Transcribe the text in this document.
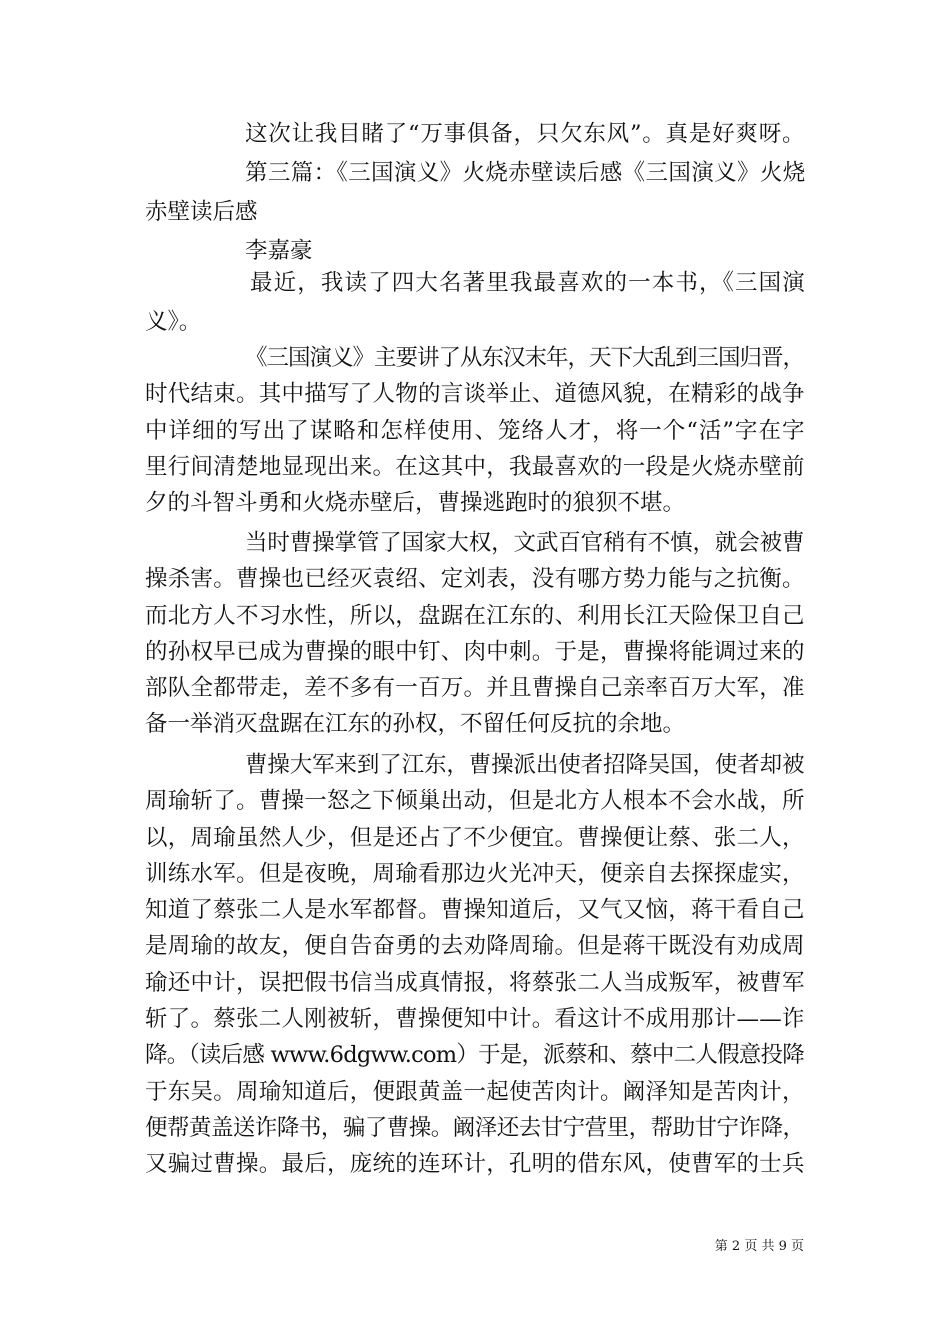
这次让我目睹了“万事俱备，只欠东风”。真是好爽呀。
第三篇：《三国演义》火烧赤壁读后感《三国演义》火烧
赤壁读后感
李嘉豪
最近，我读了四大名著里我最喜欢的一本书，《三国演
义》。
《三国演义》主要讲了从东汉末年，天下大乱到三国归晋，
时代结束。其中描写了人物的言谈举止、道德风貌，在精彩的战争
中详细的写出了谋略和怎样使用、笼络人才，将一个“活”字在字
里行间清楚地显现出来。在这其中，我最喜欢的一段是火烧赤壁前
夕的斗智斗勇和火烧赤壁后，曹操逃跑时的狼狈不堪。
当时曹操掌管了国家大权，文武百官稍有不慎，就会被曹
操杀害。曹操也已经灭袁绍、定刘表，没有哪方势力能与之抗衡。
而北方人不习水性，所以，盘踞在江东的、利用长江天险保卫自己
的孙权早已成为曹操的眼中钉、肉中刺。于是，曹操将能调过来的
部队全都带走，差不多有一百万。并且曹操自己亲率百万大军，准
备一举消灭盘踞在江东的孙权，不留任何反抗的余地。
曹操大军来到了江东，曹操派出使者招降吴国，使者却被
周瑜斩了。曹操一怒之下倾巢出动，但是北方人根本不会水战，所
以，周瑜虽然人少，但是还占了不少便宜。曹操便让蔡、张二人，
训练水军。但是夜晚，周瑜看那边火光冲天，便亲自去探探虚实，
知道了蔡张二人是水军都督。曹操知道后，又气又恼，蒋干看自己
是周瑜的故友，便自告奋勇的去劝降周瑜。但是蒋干既没有劝成周
瑜还中计，误把假书信当成真情报，将蔡张二人当成叛军，被曹军
斩了。蔡张二人刚被斩，曹操便知中计。看这计不成用那计——诈
降。（读后感 www.6dgww.com）于是，派蔡和、蔡中二人假意投降
于东吴。周瑜知道后，便跟黄盖一起使苦肉计。阚泽知是苦肉计，
便帮黄盖送诈降书，骗了曹操。阚泽还去甘宁营里，帮助甘宁诈降，
又骗过曹操。最后，庞统的连环计，孔明的借东风，使曹军的士兵
第 2 页 共 9 页
